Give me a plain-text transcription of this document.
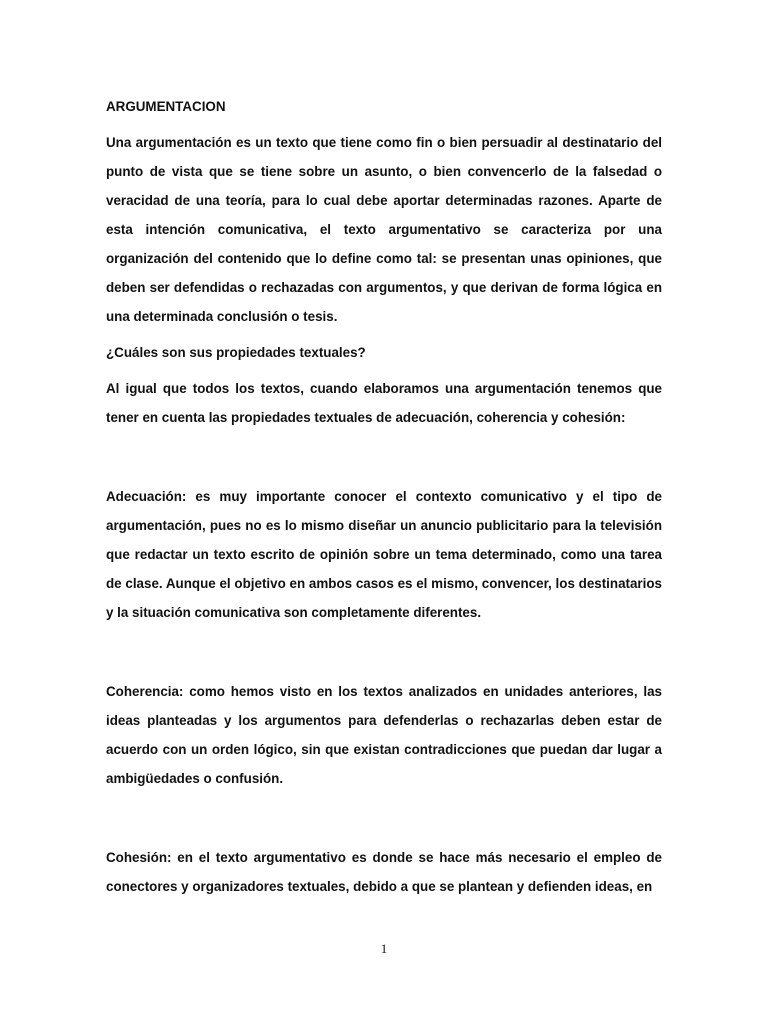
ARGUMENTACION
Una argumentación es un texto que tiene como fin o bien persuadir al destinatario del punto de vista que se tiene sobre un asunto, o bien convencerlo de la falsedad o veracidad de una teoría, para lo cual debe aportar determinadas razones. Aparte de esta intención comunicativa, el texto argumentativo se caracteriza por una organización del contenido que lo define como tal: se presentan unas opiniones, que deben ser defendidas o rechazadas con argumentos, y que derivan de forma lógica en una determinada conclusión o tesis.
¿Cuáles son sus propiedades textuales?
Al igual que todos los textos, cuando elaboramos una argumentación tenemos que tener en cuenta las propiedades textuales de adecuación, coherencia y cohesión:
Adecuación: es muy importante conocer el contexto comunicativo y el tipo de argumentación, pues no es lo mismo diseñar un anuncio publicitario para la televisión que redactar un texto escrito de opinión sobre un tema determinado, como una tarea de clase. Aunque el objetivo en ambos casos es el mismo, convencer, los destinatarios y la situación comunicativa son completamente diferentes.
Coherencia: como hemos visto en los textos analizados en unidades anteriores, las ideas planteadas y los argumentos para defenderlas o rechazarlas deben estar de acuerdo con un orden lógico, sin que existan contradicciones que puedan dar lugar a ambigüedades o confusión.
Cohesión: en el texto argumentativo es donde se hace más necesario el empleo de conectores y organizadores textuales, debido a que se plantean y defienden ideas, en
1
